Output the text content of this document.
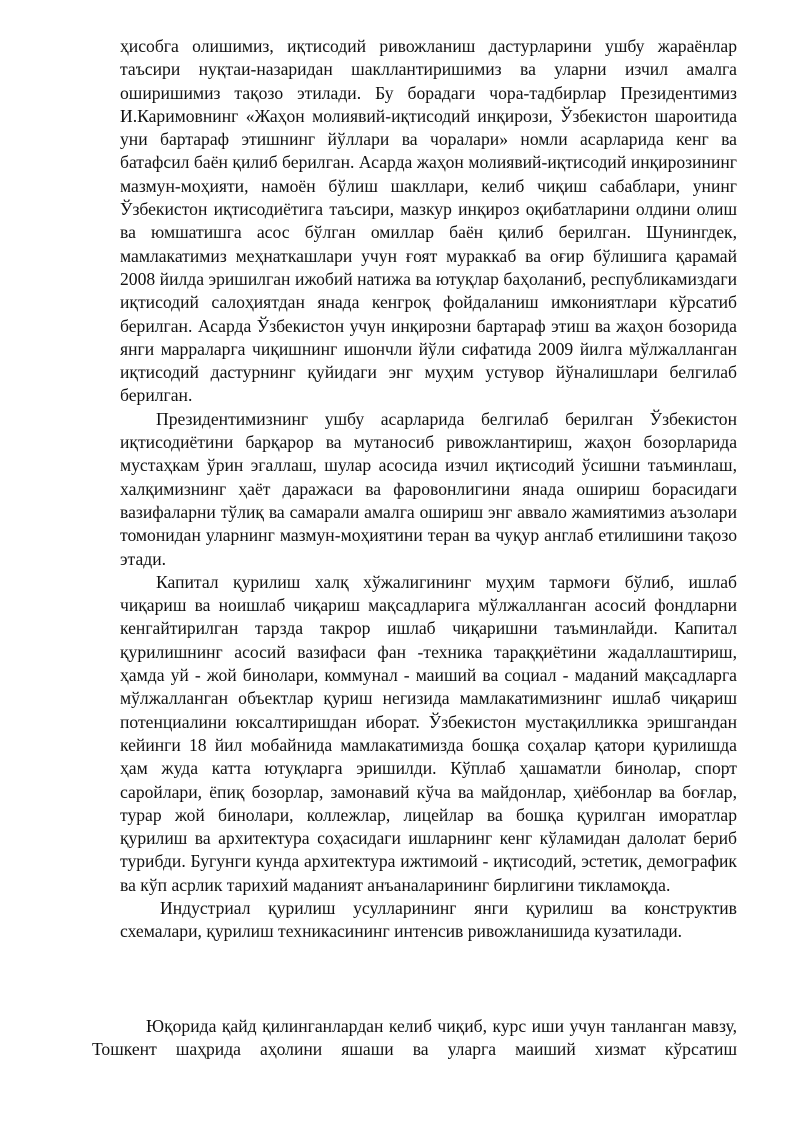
ҳисобга олишимиз, иқтисодий ривожланиш дастурларини ушбу жараёнлар таъсири нуқтаи-назаридан шакллантиришимиз ва уларни изчил амалга оширишимиз тақозо этилади. Бу борадаги чора-тадбирлар Президентимиз И.Каримовнинг «Жаҳон молиявий-иқтисодий инқирози, Ўзбекистон шароитида уни бартараф этишнинг йўллари ва чоралари» номли асарларида кенг ва батафсил баён қилиб берилган. Асарда жаҳон молиявий-иқтисодий инқирозининг мазмун-моҳияти, намоён бўлиш шакллари, келиб чиқиш сабаблари, унинг Ўзбекистон иқтисодиётига таъсири, мазкур инқироз оқибатларини олдини олиш ва юмшатишга асос бўлган омиллар баён қилиб берилган. Шунингдек, мамлакатимиз меҳнаткашлари учун ғоят мураккаб ва оғир бўлишига қарамай 2008 йилда эришилган ижобий натижа ва ютуқлар баҳоланиб, республикамиздаги иқтисодий салоҳиятдан янада кенгроқ фойдаланиш имкониятлари кўрсатиб берилган. Асарда Ўзбекистон учун инқирозни бартараф этиш ва жаҳон бозорида янги марраларга чиқишнинг ишончли йўли сифатида 2009 йилга мўлжалланган иқтисодий дастурнинг қуйидаги энг муҳим устувор йўналишлари белгилаб берилган.

Президентимизнинг ушбу асарларида белгилаб берилган Ўзбекистон иқтисодиётини барқарор ва мутаносиб ривожлантириш, жаҳон бозорларида мустаҳкам ўрин эгаллаш, шулар асосида изчил иқтисодий ўсишни таъминлаш, халқимизнинг ҳаёт даражаси ва фаровонлигини янада ошириш борасидаги вазифаларни тўлиқ ва самарали амалга ошириш энг аввало жамиятимиз аъзолари томонидан уларнинг мазмун-моҳиятини теран ва чуқур англаб етилишини тақозо этади.

Капитал қурилиш халқ хўжалигининг муҳим тармоғи бўлиб, ишлаб чиқариш ва ноишлаб чиқариш мақсадларига мўлжалланган асосий фондларни кенгайтирилган тарзда такрор ишлаб чиқаришни таъминлайди. Капитал қурилишнинг асосий вазифаси фан -техника тараққиётини жадаллаштириш, ҳамда уй - жой бинолари, коммунал - маиший ва социал - маданий мақсадларга мўлжалланган объектлар қуриш негизида мамлакатимизнинг ишлаб чиқариш потенциалини юксалтиришдан иборат. Ўзбекистон мустақилликка эришгандан кейинги 18 йил мобайнида мамлакатимизда бошқа соҳалар қатори қурилишда ҳам жуда катта ютуқларга эришилди. Кўплаб ҳашаматли бинолар, спорт саройлари, ёпиқ бозорлар, замонавий кўча ва майдонлар, ҳиёбонлар ва боғлар, турар жой бинолари, коллежлар, лицейлар ва бошқа қурилган иморатлар қурилиш ва архитектура соҳасидаги ишларнинг кенг кўламидан далолат бериб турибди. Бугунги кунда архитектура ижтимоий - иқтисодий, эстетик, демографик ва кўп асрлик тарихий маданият анъаналарининг бирлигини тикламоқда.

Индустриал қурилиш усулларининг янги қурилиш ва конструктив схемалари, қурилиш техникасининг интенсив ривожланишида кузатилади.

Юқорида қайд қилинганлардан келиб чиқиб, курс иши учун танланган мавзу, Тошкент шаҳрида аҳолини яшаши ва уларга маиший хизмат кўрсатиш
